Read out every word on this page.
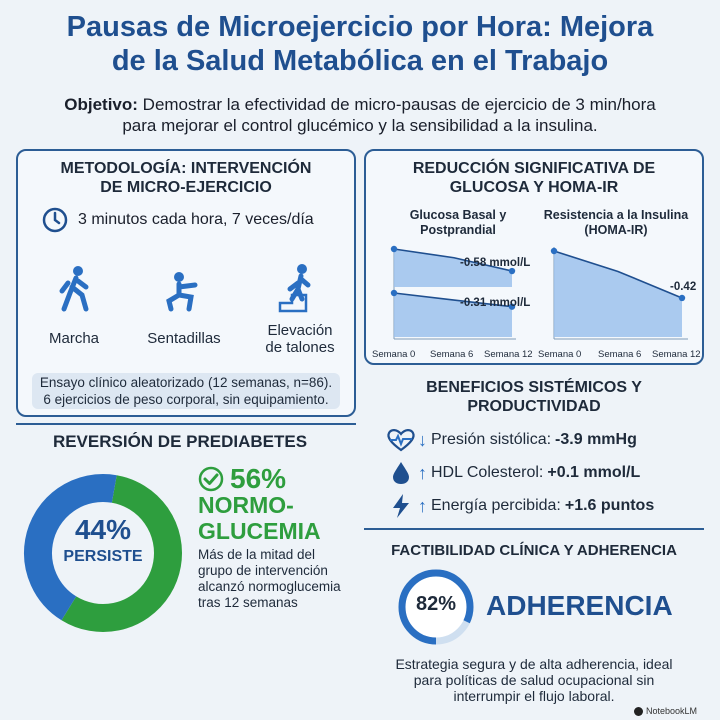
Pausas de Microejercicio por Hora: Mejora
de la Salud Metabólica en el Trabajo
Objetivo: Demostrar la efectividad de micro-pausas de ejercicio de 3 min/hora
para mejorar el control glucémico y la sensibilidad a la insulina.
METODOLOGÍA: INTERVENCIÓN
DE MICRO-EJERCICIO
3 minutos cada hora, 7 veces/día
Marcha	Sentadillas	Elevación
de talones
Ensayo clínico aleatorizado (12 semanas, n=86).
6 ejercicios de peso corporal, sin equipamiento.
REDUCCIÓN SIGNIFICATIVA DE
GLUCOSA Y HOMA-IR
Glucosa Basal y
Postprandial
Resistencia a la Insulina
(HOMA-IR)
-0.58 mmol/L
-0.31 mmol/L
-0.42
Semana 0 Semana 6 Semana 12 Semana 0 Semana 6 Semana 12
BENEFICIOS SISTÉMICOS Y
PRODUCTIVIDAD
↓ Presión sistólica: -3.9 mmHg
↑ HDL Colesterol: +0.1 mmol/L
↑ Energía percibida: +1.6 puntos
REVERSIÓN DE PREDIABETES
44%
PERSISTE
56%
NORMO-
GLUCEMIA
Más de la mitad del
grupo de intervención
alcanzó normoglucemia
tras 12 semanas
FACTIBILIDAD CLÍNICA Y ADHERENCIA
82%	ADHERENCIA
Estrategia segura y de alta adherencia, ideal
para políticas de salud ocupacional sin
interrumpir el flujo laboral.
NotebookLM
